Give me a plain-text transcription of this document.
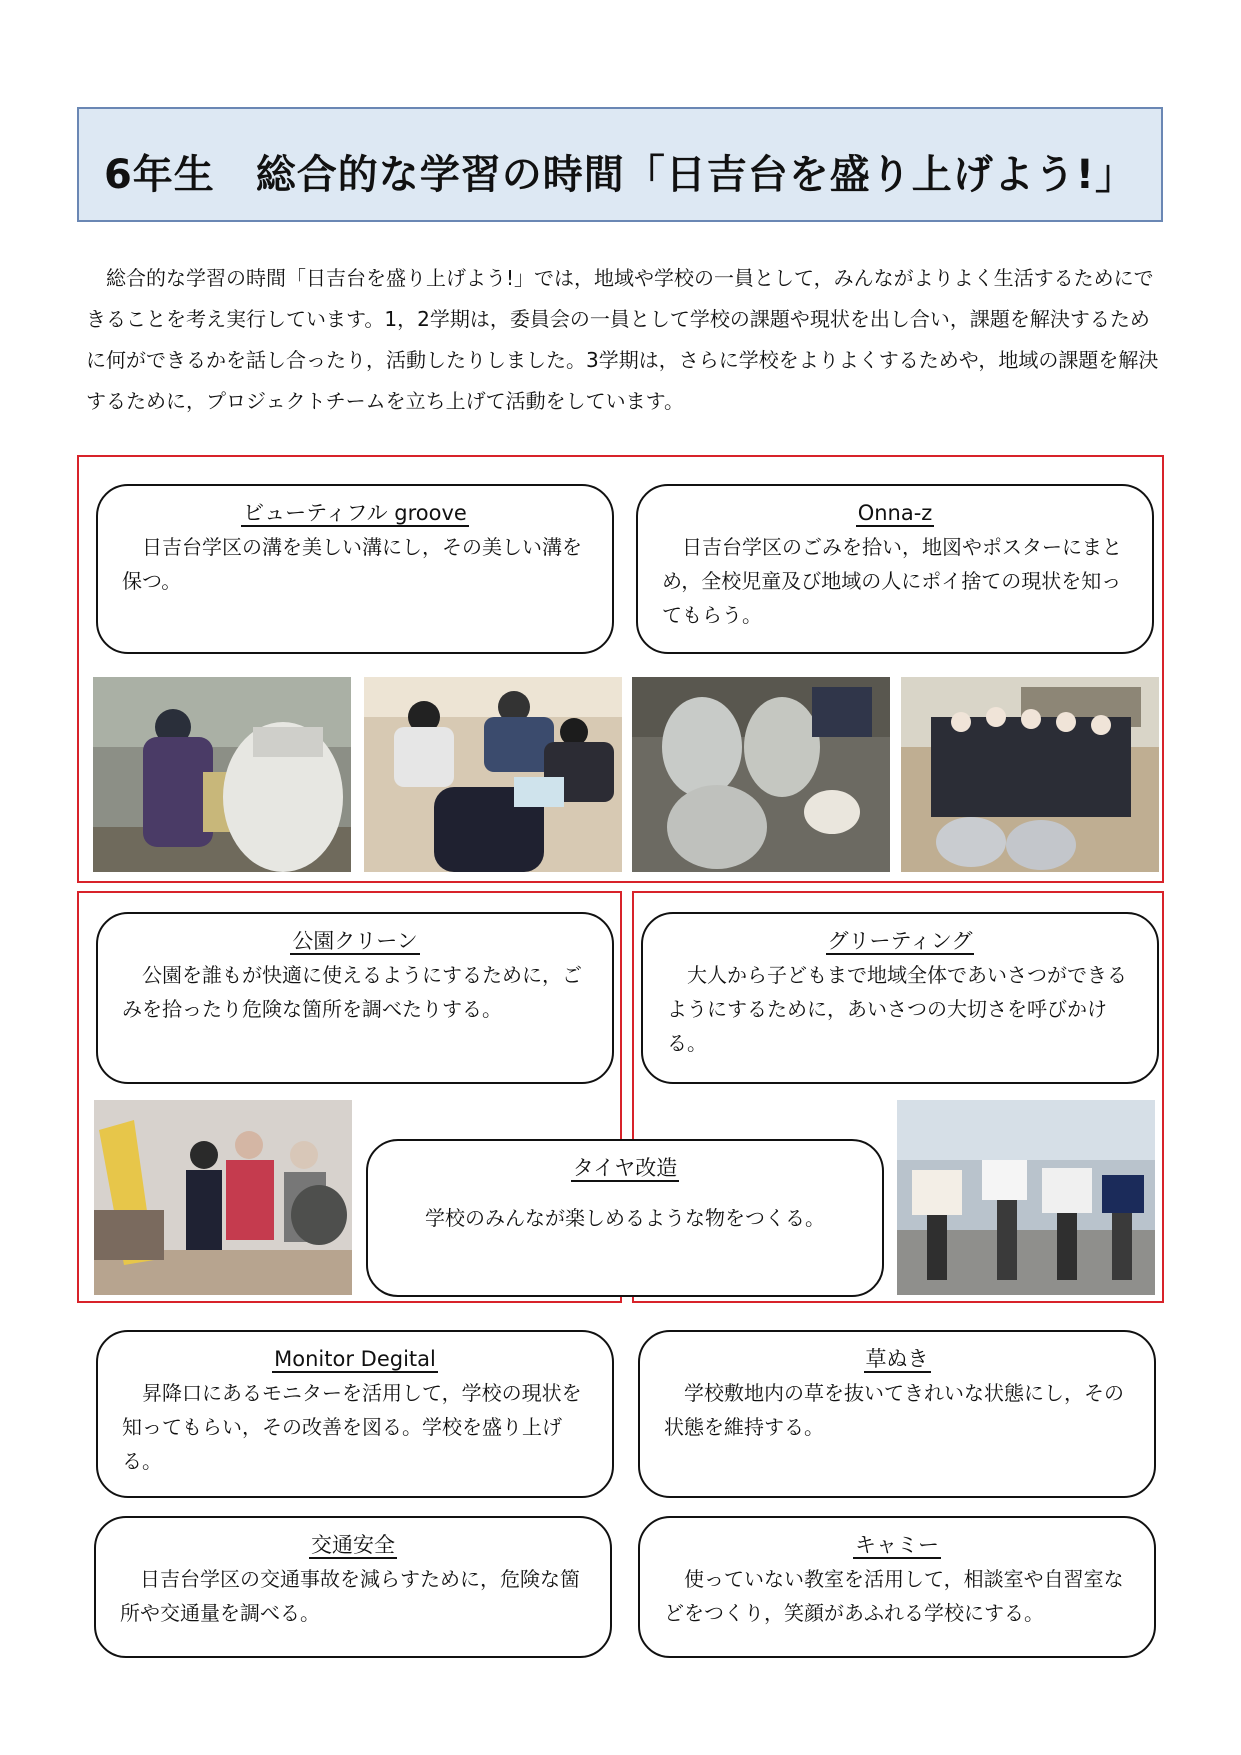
6年生　総合的な学習の時間「日吉台を盛り上げよう!」

総合的な学習の時間「日吉台を盛り上げよう!」では，地域や学校の一員として，みんながよりよく生活するためにできることを考え実行しています。1，2学期は，委員会の一員として学校の課題や現状を出し合い，課題を解決するために何ができるかを話し合ったり，活動したりしました。3学期は，さらに学校をよりよくするためや，地域の課題を解決するために，プロジェクトチームを立ち上げて活動をしています。

ビューティフル groove

日吉台学区の溝を美しい溝にし，その美しい溝を保つ。

Onna-z

日吉台学区のごみを拾い，地図やポスターにまとめ，全校児童及び地域の人にポイ捨ての現状を知ってもらう。

公園クリーン

公園を誰もが快適に使えるようにするために，ごみを拾ったり危険な箇所を調べたりする。

グリーティング

大人から子どもまで地域全体であいさつができるようにするために，あいさつの大切さを呼びかける。

タイヤ改造

学校のみんなが楽しめるような物をつくる。

Monitor Degital

昇降口にあるモニターを活用して，学校の現状を知ってもらい，その改善を図る。学校を盛り上げる。

草ぬき

学校敷地内の草を抜いてきれいな状態にし，その状態を維持する。

交通安全

日吉台学区の交通事故を減らすために，危険な箇所や交通量を調べる。

キャミー

使っていない教室を活用して，相談室や自習室などをつくり，笑顔があふれる学校にする。
